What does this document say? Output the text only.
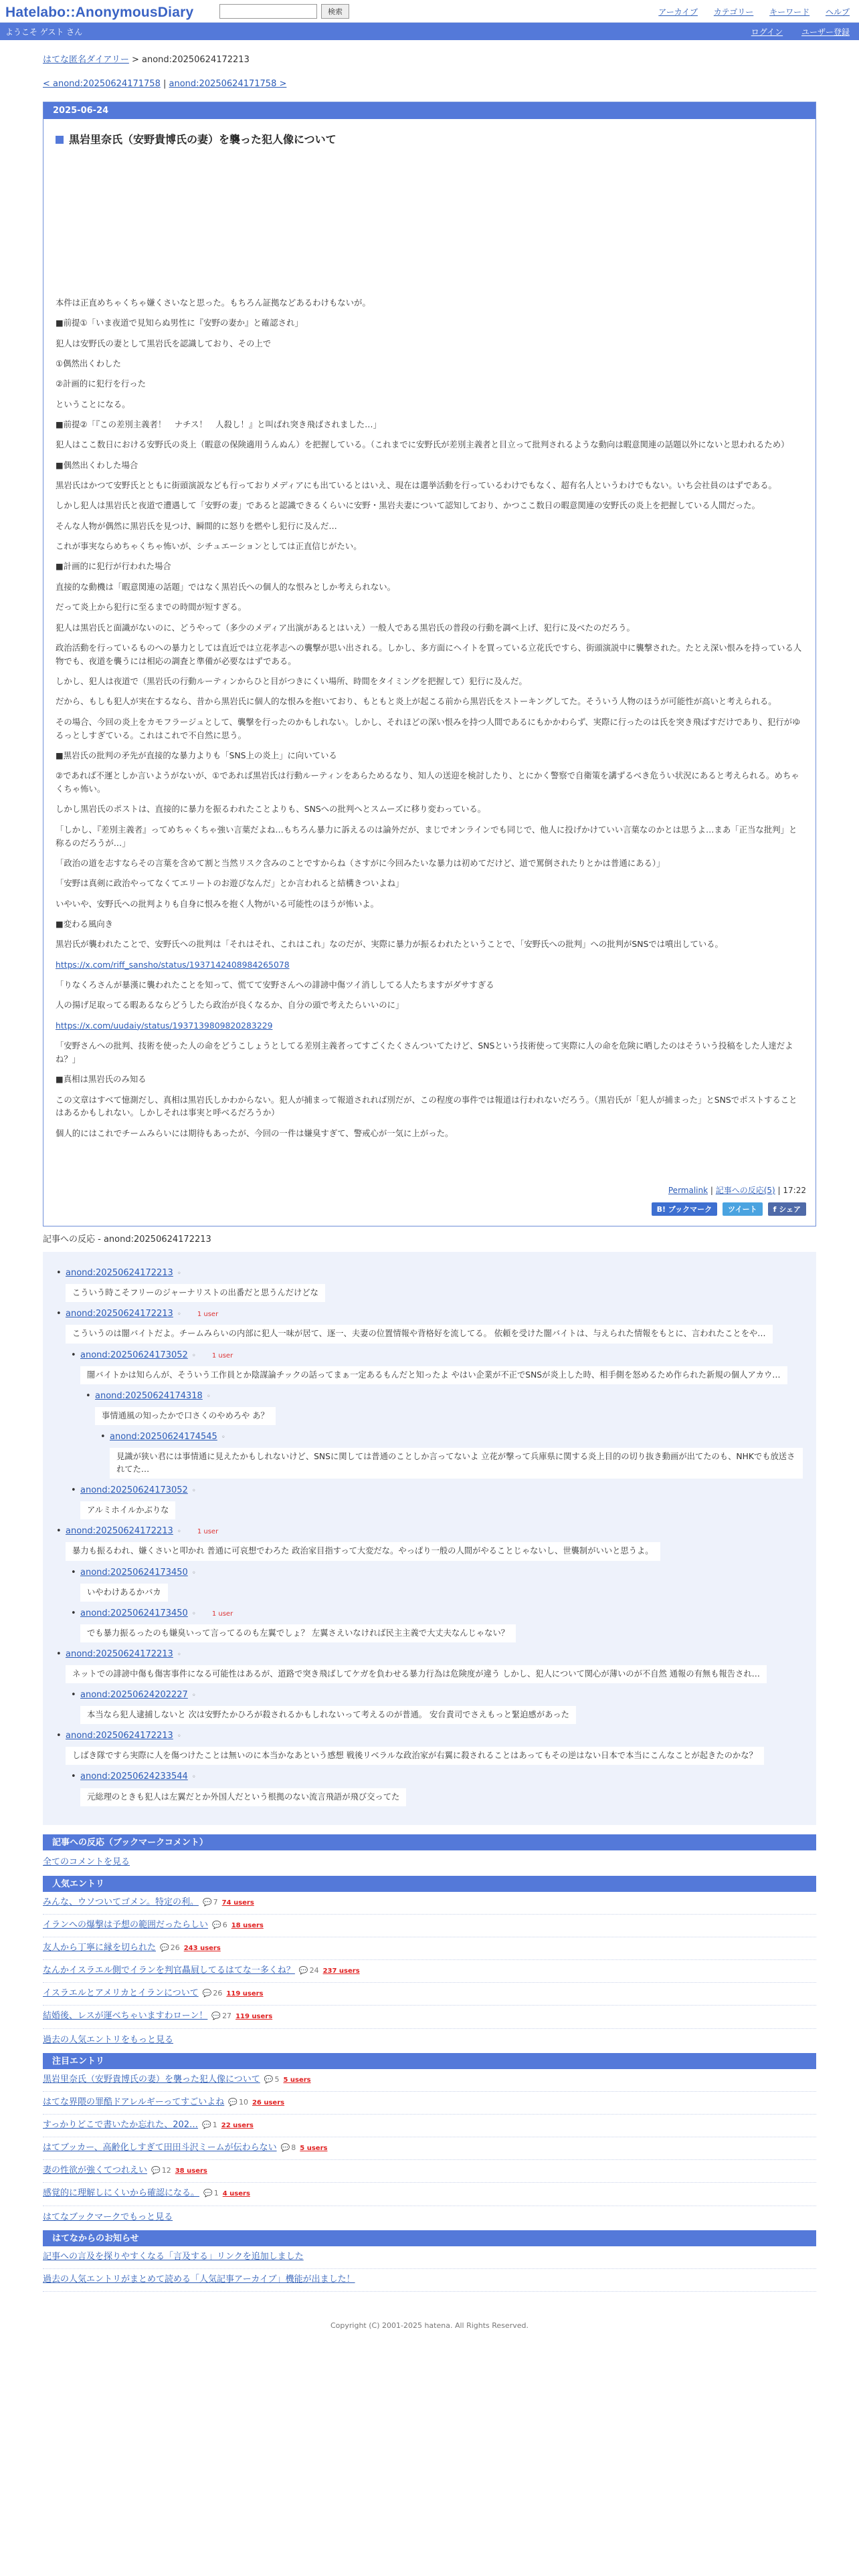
Hatelabo::AnonymousDiary	検索	アーカイブ カテゴリー キーワード ヘルプ
ようこそ ゲスト さん	ログイン ユーザー登録
はてな匿名ダイアリー > anond:20250624172213
< anond:20250624171758 | anond:20250624171758 >
2025-06-24
黒岩里奈氏（安野貴博氏の妻）を襲った犯人像について

本件は正直めちゃくちゃ嫌くさいなと思った。もちろん証拠などあるわけもないが。

■前提①「いま夜道で見知らぬ男性に『安野の妻か』と確認され」

犯人は安野氏の妻として黒岩氏を認識しており、その上で

①偶然出くわした

②計画的に犯行を行った

ということになる。

■前提②「『この差別主義者！　ナチス！　人殺し！』と叫ばれ突き飛ばされました…」

犯人はここ数日における安野氏の炎上（暇意の保険適用うんぬん）を把握している。（これまでに安野氏が差別主義者と目立って批判されるような動向は暇意関連の話題以外にないと思われるため）

■偶然出くわした場合

黒岩氏はかつて安野氏とともに街頭演説なども行っておりメディアにも出ているとはいえ、現在は選挙活動を行っているわけでもなく、超有名人というわけでもない。いち会社員のはずである。

しかし犯人は黒岩氏と夜道で遭遇して「安野の妻」であると認識できるくらいに安野・黒岩夫妻について認知しており、かつここ数日の暇意関連の安野氏の炎上を把握している人間だった。

そんな人物が偶然に黒岩氏を見つけ、瞬間的に怒りを燃やし犯行に及んだ…

これが事実ならめちゃくちゃ怖いが、シチュエーションとしては正直信じがたい。

■計画的に犯行が行われた場合

直接的な動機は「暇意関連の話題」ではなく黒岩氏への個人的な恨みとしか考えられない。

だって炎上から犯行に至るまでの時間が短すぎる。

犯人は黒岩氏と面識がないのに、どうやって（多少のメディア出演があるとはいえ）一般人である黒岩氏の普段の行動を調べ上げ、犯行に及べたのだろう。

政治活動を行っているものへの暴力としては直近では立花孝志への襲撃が思い出される。しかし、多方面にヘイトを買っている立花氏ですら、街頭演説中に襲撃された。たとえ深い恨みを持っている人物でも、夜道を襲うには相応の調査と準備が必要なはずである。

しかし、犯人は夜道で（黒岩氏の行動ルーティンからひと目がつきにくい場所、時間をタイミングを把握して）犯行に及んだ。

だから、もしも犯人が実在するなら、昔から黒岩氏に個人的な恨みを抱いており、もともと炎上が起こる前から黒岩氏をストーキングしてた。そういう人物のほうが可能性が高いと考えられる。

その場合、今回の炎上をカモフラージュとして、襲撃を行ったのかもしれない。しかし、それほどの深い恨みを持つ人間であるにもかかわらず、実際に行ったのは氏を突き飛ばすだけであり、犯行がゆるっとしすぎている。これはこれで不自然に思う。

■黒岩氏の批判の矛先が直接的な暴力よりも「SNS上の炎上」に向いている

②であれば不運としか言いようがないが、①であれば黒岩氏は行動ルーティンをあらためるなり、知人の送迎を検討したり、とにかく警察で自衛策を講ずるべき危うい状況にあると考えられる。めちゃくちゃ怖い。

しかし黒岩氏のポストは、直接的に暴力を振るわれたことよりも、SNSへの批判へとスムーズに移り変わっている。

「しかし、『差別主義者』ってめちゃくちゃ強い言葉だよね…もちろん暴力に訴えるのは論外だが、まじでオンラインでも同じで、他人に投げかけていい言葉なのかとは思うよ…まあ「正当な批判」と称るのだろうが…」

「政治の道を志すならその言葉を含めて割と当然リスク含みのことですからね（さすがに今回みたいな暴力は初めてだけど、道で罵倒されたりとかは普通にある）」

「安野は真剣に政治やってなくてエリートのお遊びなんだ」とか言われると結構きついよね」

いやいや、安野氏への批判よりも自身に恨みを抱く人物がいる可能性のほうが怖いよ。

■変わる風向き

黒岩氏が襲われたことで、安野氏への批判は「それはそれ、これはこれ」なのだが、実際に暴力が振るわれたということで、「安野氏への批判」への批判がSNSでは噴出している。

https://x.com/riff_sansho/status/1937142408984265078

「りなくろさんが暴漢に襲われたことを知って、慌てて安野さんへの誹謗中傷ツイ消ししてる人たちますがダサすぎる

人の揚げ足取ってる暇あるならどうしたら政治が良くなるか、自分の頭で考えたらいいのに」

https://x.com/uudaiy/status/1937139809820283229

「安野さんへの批判、技術を使った人の命をどうこしょうとしてる差別主義者ってすごくたくさんついてたけど、SNSという技術使って実際に人の命を危険に晒したのはそういう投稿をした人達だよね？」

■真相は黒岩氏のみ知る

この文章はすべて憶測だし、真相は黒岩氏しかわからない。犯人が捕まって報道されれば別だが、この程度の事件では報道は行われないだろう。（黒岩氏が「犯人が捕まった」とSNSでポストすることはあるかもしれない。しかしそれは事実と呼べるだろうか）

個人的にはこれでチームみらいには期待もあったが、今回の一件は嫌臭すぎて、警戒心が一気に上がった。

Permalink | 記事への反応(5) | 17:22
B! ブックマーク	ツイート	f シェア
記事への反応 - anond:20250624172213
• anond:20250624172213 ◦
こういう時こそフリーのジャーナリストの出番だと思うんだけどな
• anond:20250624172213 ◦ 1 user
こういうのは闇バイトだよ。チームみらいの内部に犯人一味が居て、逐一、夫妻の位置情報や背格好を流してる。 依頼を受けた闇バイトは、与えられた情報をもとに、言われたことをや…
• anond:20250624173052 ◦ 1 user
闇バイトかは知らんが、そういう工作員とか陰謀論チックの話ってまぁ一定あるもんだと知ったよ やはい企業が不正でSNSが炎上した時、相手側を怒めるため作られた新規の個人アカウ…
• anond:20250624174318 ◦
事情通風の知ったかで口さくのやめろや あ？
• anond:20250624174545 ◦
見識が狭い君には事情通に見えたかもしれないけど、SNSに関しては普通のことしか言ってないよ 立花が撃って兵庫県に関する炎上目的の切り抜き動画が出てたのも、NHKでも放送されてた…
• anond:20250624173052 ◦
アルミホイルかぶりな
• anond:20250624172213 ◦ 1 user
暴力も振るわれ、嫌くさいと叩かれ 普通に可哀想でわろた 政治家目指すって大変だな。やっぱり一般の人間がやることじゃないし、世襲制がいいと思うよ。
• anond:20250624173450 ◦
いやわけあるかバカ
• anond:20250624173450 ◦ 1 user
でも暴力振るったのも嫌臭いって言ってるのも左翼でしょ？ 左翼さえいなければ民主主義で大丈夫なんじゃない？
• anond:20250624172213 ◦
ネットでの誹謗中傷も傷害事件になる可能性はあるが、道路で突き飛ばしてケガを負わせる暴力行為は危険度が違う しかし、犯人について関心が薄いのが不自然 通報の有無も報告され…
• anond:20250624202227 ◦
本当なら犯人逮捕しないと 次は安野たかひろが殺されるかもしれないって考えるのが普通。 安台責司でさえもっと緊迫感があった
• anond:20250624172213 ◦
しばき隊ですら実際に人を傷つけたことは無いのに本当かなあという感想 戦後リベラルな政治家が右翼に殺されることはあってもその逆はない日本で本当にこんなことが起きたのかな？
• anond:20250624233544 ◦
元総理のときも犯人は左翼だとか外国人だという根拠のない流言飛語が飛び交ってた
記事への反応（ブックマークコメント）
全てのコメントを見る
人気エントリ
みんな、ウソついてゴメン。特定の利。 💬 7 74 users
イランへの爆撃は予想の範囲だったらしい 💬 6 18 users
友人から丁寧に縁を切られた 💬 26 243 users
なんかイスラエル側でイランを判官贔屓してるはてな一多くね？ 💬 24 237 users
イスラエルとアメリカとイランについて 💬 26 119 users
結婚後、レスが運べちゃいますわローン！ 💬 27 119 users
過去の人気エントリをもっと見る
注目エントリ
黒岩里奈氏（安野貴博氏の妻）を襲った犯人像について 💬 5 5 users
はてな界隈の罪酷ドアレルギーってすごいよね 💬 10 26 users
すっかりどこで書いたか忘れた、202… 💬 1 22 users
はてブッカー、高齢化しすぎて田田斗沢ミームが伝わらない 💬 8 5 users
妻の性欲が強くてつれえい 💬 12 38 users
感覚的に理解しにくいから確認になる。 💬 1 4 users
はてなブックマークでもっと見る
はてなからのお知らせ
記事への言及を探りやすくなる「言及する」リンクを追加しました
過去の人気エントリがまとめて読める「人気記事アーカイブ」機能が出ました！
Copyright (C) 2001-2025 hatena. All Rights Reserved.
